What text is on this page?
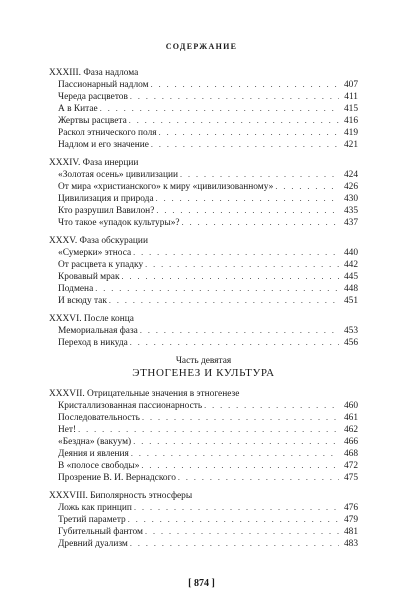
СОДЕРЖАНИЕ
XXXIII. Фаза надлома
Пассионарный надлом . . .	407
Череда расцветов . . .	411
А в Китае . . .	415
Жертвы расцвета . . .	416
Раскол этнического поля . . .	419
Надлом и его значение . . .	421
XXXIV. Фаза инерции
«Золотая осень» цивилизации . . .	424
От мира «христианского» к миру «цивилизованному» . . .	426
Цивилизация и природа . . .	430
Кто разрушил Вавилон? . . .	435
Что такое «упадок культуры»? . . .	437
XXXV. Фаза обскурации
«Сумерки» этноса . . .	440
От расцвета к упадку . . .	442
Кровавый мрак . . .	445
Подмена . . .	448
И всюду так . . .	451
XXXVI. После конца
Мемориальная фаза . . .	453
Переход в никуда . . .	456
Часть девятая
ЭТНОГЕНЕЗ И КУЛЬТУРА
XXXVII. Отрицательные значения в этногенезе
Кристаллизованная пассионарность . . .	460
Последовательность . . .	461
Нет! . . .	462
«Бездна» (вакуум) . . .	466
Деяния и явления . . .	468
В «полосе свободы» . . .	472
Прозрение В. И. Вернадского . . .	475
XXXVIII. Биполярность этносферы
Ложь как принцип . . .	476
Третий параметр . . .	479
Губительный фантом . . .	481
Древний дуализм . . .	483
[ 874 ]
